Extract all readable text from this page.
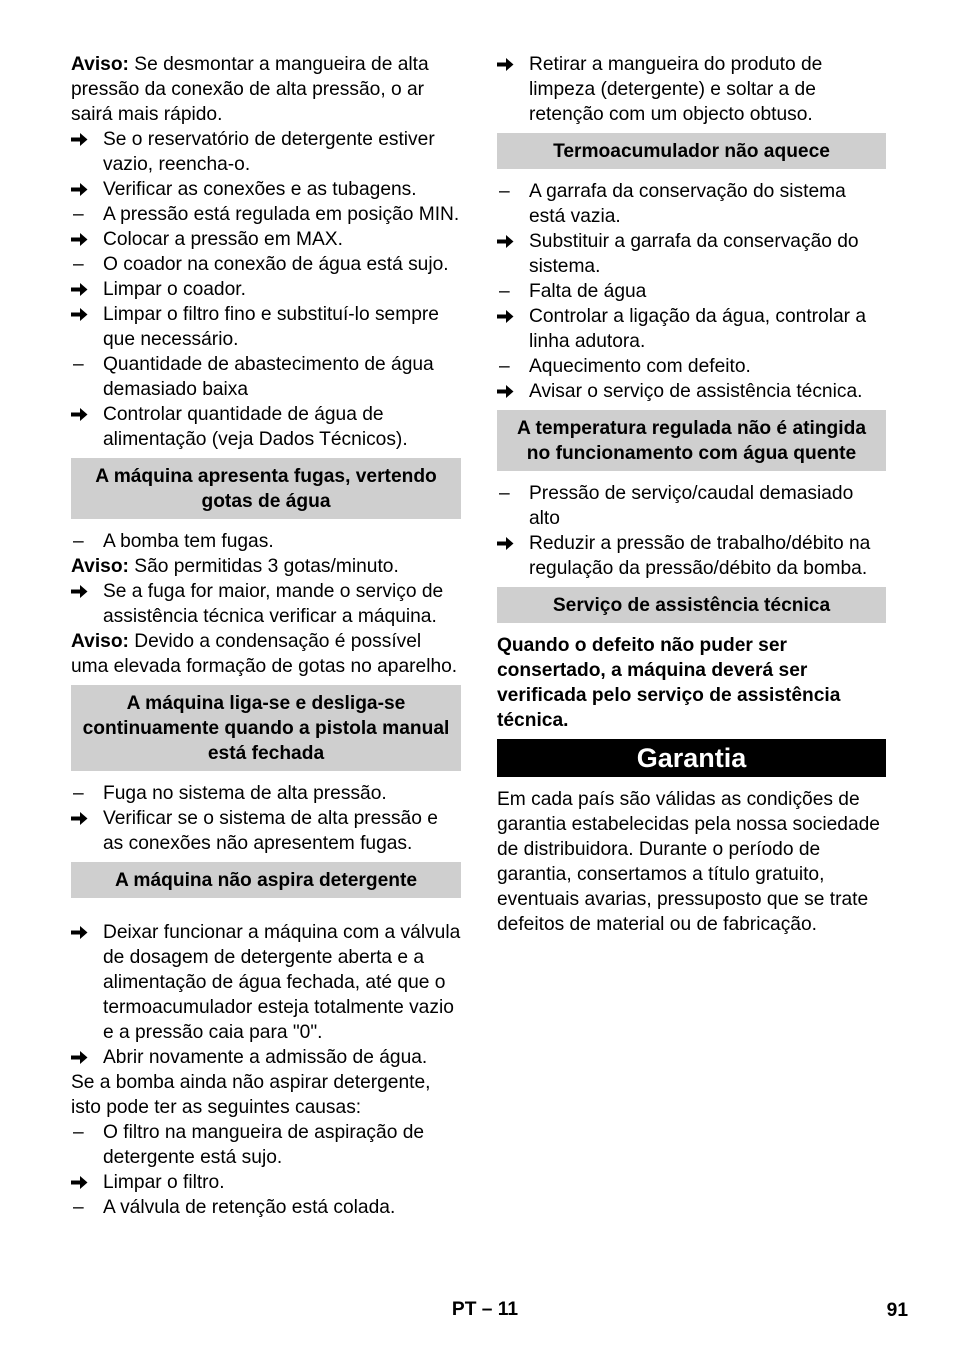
Aviso: Se desmontar a mangueira de alta pressão da conexão de alta pressão, o ar sairá mais rápido.

Se o reservatório de detergente estiver vazio, reencha-o.
Verificar as conexões e as tubagens.
–	A pressão está regulada em posição MIN.
Colocar a pressão em MAX.
–	O coador na conexão de água está sujo.
Limpar o coador.
Limpar o filtro fino e substituí-lo sempre que necessário.
–	Quantidade de abastecimento de água demasiado baixa
Controlar quantidade de água de alimentação (veja Dados Técnicos).
A máquina apresenta fugas, vertendo gotas de água
–	A bomba tem fugas.

Aviso: São permitidas 3 gotas/minuto.

Se a fuga for maior, mande o serviço de assistência técnica verificar a máquina.

Aviso: Devido a condensação é possível uma elevada formação de gotas no aparelho.

A máquina liga-se e desliga-se continuamente quando a pistola manual está fechada
–	Fuga no sistema de alta pressão.
Verificar se o sistema de alta pressão e as conexões não apresentem fugas.
A máquina não aspira detergente
Deixar funcionar a máquina com a válvula de dosagem de detergente aberta e a alimentação de água fechada, até que o termoacumulador esteja totalmente vazio e a pressão caia para "0".
Abrir novamente a admissão de água.

Se a bomba ainda não aspirar detergente, isto pode ter as seguintes causas:

–	O filtro na mangueira de aspiração de detergente está sujo.
Limpar o filtro.
–	A válvula de retenção está colada.
Retirar a mangueira do produto de limpeza (detergente) e soltar a de retenção com um objecto obtuso.
Termoacumulador não aquece
–	A garrafa da conservação do sistema está vazia.
Substituir a garrafa da conservação do sistema.
–	Falta de água
Controlar a ligação da água, controlar a linha adutora.
–	Aquecimento com defeito.
Avisar o serviço de assistência técnica.
A temperatura regulada não é atingida no funcionamento com água quente
–	Pressão de serviço/caudal demasiado alto
Reduzir a pressão de trabalho/débito na regulação da pressão/débito da bomba.
Serviço de assistência técnica

Quando o defeito não puder ser consertado, a máquina deverá ser verificada pelo serviço de assistência técnica.

Garantia

Em cada país são válidas as condições de garantia estabelecidas pela nossa sociedade de distribuidora. Durante o período de garantia, consertamos a título gratuito, eventuais avarias, pressuposto que se trate defeitos de material ou de fabricação.

PT – 11	91
